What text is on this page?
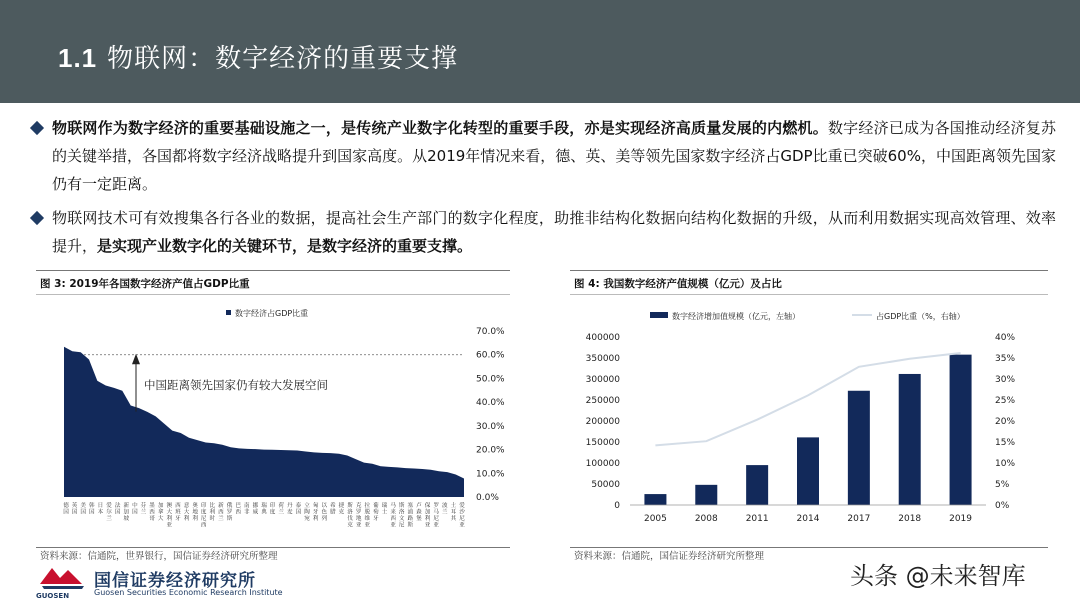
1.1 物联网：数字经济的重要支撑
物联网作为数字经济的重要基础设施之一，是传统产业数字化转型的重要手段，亦是实现经济高质量发展的内燃机。数字经济已成为各国推动经济复苏的关键举措，各国都将数字经济战略提升到国家高度。从2019年情况来看，德、英、美等领先国家数字经济占GDP比重已突破60%，中国距离领先国家仍有一定距离。
物联网技术可有效搜集各行各业的数据，提高社会生产部门的数字化程度，助推非结构化数据向结构化数据的升级，从而利用数据实现高效管理、效率提升，是实现产业数字化的关键环节，是数字经济的重要支撑。
图 3: 2019年各国数字经济产值占GDP比重
数字经济占GDP比重
0.0%
10.0%
20.0%
30.0%
40.0%
50.0%
60.0%
70.0%
中国距离领先国家仍有较大发展空间
德
国
英
国
美
国
韩
国
日
本
爱
尔
兰
法
国
新
加
坡
中
国
芬
兰
墨
西
哥
加
拿
大
澳
大
利
亚
西
班
牙
意
大
利
奥
地
利
印
度
尼
西
比
利
时
新
西
兰
俄
罗
斯
巴
西
南
非
挪
威
瑞
典
印
度
荷
兰
丹
麦
泰
国
立
陶
宛
匈
牙
利
以
色
列
希
腊
捷
克
斯
洛
伐
克
克
罗
地
亚
拉
脱
维
亚
葡
萄
牙
瑞
士
马
来
西
亚
斯
洛
文
尼
塞
浦
路
斯
卢
森
堡
保
加
利
亚
罗
马
尼
亚
波
兰
土
耳
其
爱
沙
尼
亚
资料来源：信通院，世界银行，国信证券经济研究所整理
图 4: 我国数字经济产值规模（亿元）及占比
数字经济增加值规模（亿元，左轴）	占GDP比重（%，右轴）
0
50000
100000
150000
200000
250000
300000
350000
400000
0%
5%
10%
15%
20%
25%
30%
35%
40%
2005	2008	2011	2014	2017	2018	2019
资料来源：信通院，国信证券经济研究所整理
GUOSEN
国信证券经济研究所
Guosen Securities Economic Research Institute
头条 @未来智库
